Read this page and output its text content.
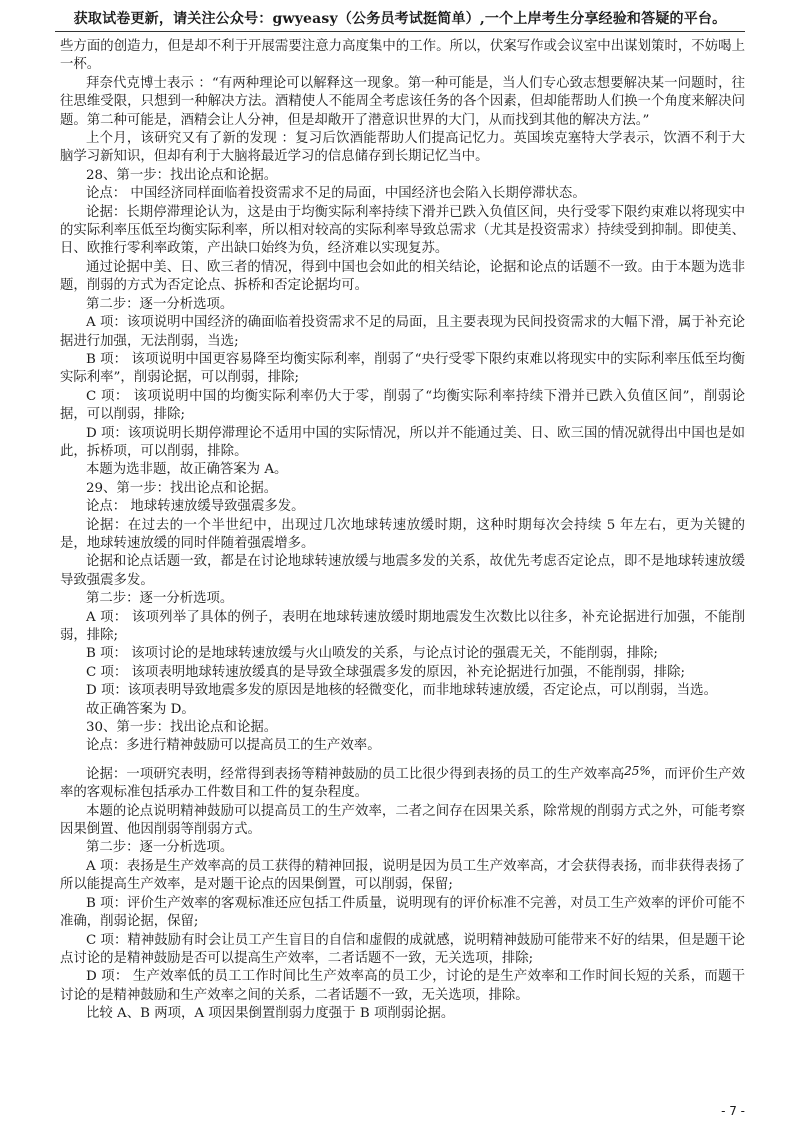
获取试卷更新，请关注公众号：gwyeasy（公务员考试挺简单）,一个上岸考生分享经验和答疑的平台。

些方面的创造力，但是却不利于开展需要注意力高度集中的工作。所以，伏案写作或会议室中出谋划策时，不妨喝上一杯。

拜奈代克博士表示 ：“有两种理论可以解释这一现象。第一种可能是，当人们专心致志想要解决某一问题时，往往思维受限，只想到一种解决方法。酒精使人不能周全考虑该任务的各个因素，但却能帮助人们换一个角度来解决问题。第二种可能是，酒精会让人分神，但是却敞开了潜意识世界的大门，从而找到其他的解决方法。”

上个月，该研究又有了新的发现 ：复习后饮酒能帮助人们提高记忆力。英国埃克塞特大学表示，饮酒不利于大脑学习新知识，但却有利于大脑将最近学习的信息储存到长期记忆当中。

28、第一步：找出论点和论据。

论点： 中国经济同样面临着投资需求不足的局面，中国经济也会陷入长期停滞状态。

论据：长期停滞理论认为，这是由于均衡实际利率持续下滑并已跌入负值区间，央行受零下限约束难以将现实中的实际利率压低至均衡实际利率，所以相对较高的实际利率导致总需求（尤其是投资需求）持续受到抑制。即使美、日、欧推行零利率政策，产出缺口始终为负，经济难以实现复苏。

通过论据中美、日、欧三者的情况，得到中国也会如此的相关结论，论据和论点的话题不一致。由于本题为选非题，削弱的方式为否定论点、拆桥和否定论据均可。

第二步：逐一分析选项。

A 项：该项说明中国经济的确面临着投资需求不足的局面，且主要表现为民间投资需求的大幅下滑，属于补充论据进行加强，无法削弱，当选;

B 项： 该项说明中国更容易降至均衡实际利率，削弱了“央行受零下限约束难以将现实中的实际利率压低至均衡实际利率”，削弱论据，可以削弱，排除;

C 项： 该项说明中国的均衡实际利率仍大于零，削弱了“均衡实际利率持续下滑并已跌入负值区间”，削弱论据，可以削弱，排除;

D 项：该项说明长期停滞理论不适用中国的实际情况，所以并不能通过美、日、欧三国的情况就得出中国也是如此，拆桥项，可以削弱，排除。

本题为选非题，故正确答案为 A。

29、第一步：找出论点和论据。

论点： 地球转速放缓导致强震多发。

论据：在过去的一个半世纪中，出现过几次地球转速放缓时期，这种时期每次会持续 5 年左右，更为关键的是，地球转速放缓的同时伴随着强震增多。

论据和论点话题一致，都是在讨论地球转速放缓与地震多发的关系，故优先考虑否定论点，即不是地球转速放缓导致强震多发。

第二步：逐一分析选项。

A 项： 该项列举了具体的例子，表明在地球转速放缓时期地震发生次数比以往多，补充论据进行加强，不能削弱，排除;

B 项： 该项讨论的是地球转速放缓与火山喷发的关系，与论点讨论的强震无关，不能削弱，排除;

C 项： 该项表明地球转速放缓真的是导致全球强震多发的原因，补充论据进行加强，不能削弱，排除;

D 项：该项表明导致地震多发的原因是地核的轻微变化，而非地球转速放缓，否定论点，可以削弱，当选。

故正确答案为 D。

30、第一步：找出论点和论据。

论点：多进行精神鼓励可以提高员工的生产效率。

论据：一项研究表明，经常得到表扬等精神鼓励的员工比很少得到表扬的员工的生产效率高$^{25\%}$，而评价生产效率的客观标准包括承办工件数目和工件的复杂程度。

本题的论点说明精神鼓励可以提高员工的生产效率，二者之间存在因果关系，除常规的削弱方式之外，可能考察因果倒置、他因削弱等削弱方式。

第二步：逐一分析选项。

A 项：表扬是生产效率高的员工获得的精神回报，说明是因为员工生产效率高，才会获得表扬，而非获得表扬了所以能提高生产效率，是对题干论点的因果倒置，可以削弱，保留;

B 项：评价生产效率的客观标准还应包括工件质量，说明现有的评价标准不完善，对员工生产效率的评价可能不准确，削弱论据，保留;

C 项：精神鼓励有时会让员工产生盲目的自信和虚假的成就感，说明精神鼓励可能带来不好的结果，但是题干论点讨论的是精神鼓励是否可以提高生产效率，二者话题不一致，无关选项，排除;

D 项： 生产效率低的员工工作时间比生产效率高的员工少，讨论的是生产效率和工作时间长短的关系，而题干讨论的是精神鼓励和生产效率之间的关系，二者话题不一致，无关选项，排除。

比较 A、B 两项，A 项因果倒置削弱力度强于 B 项削弱论据。

- 7 -
